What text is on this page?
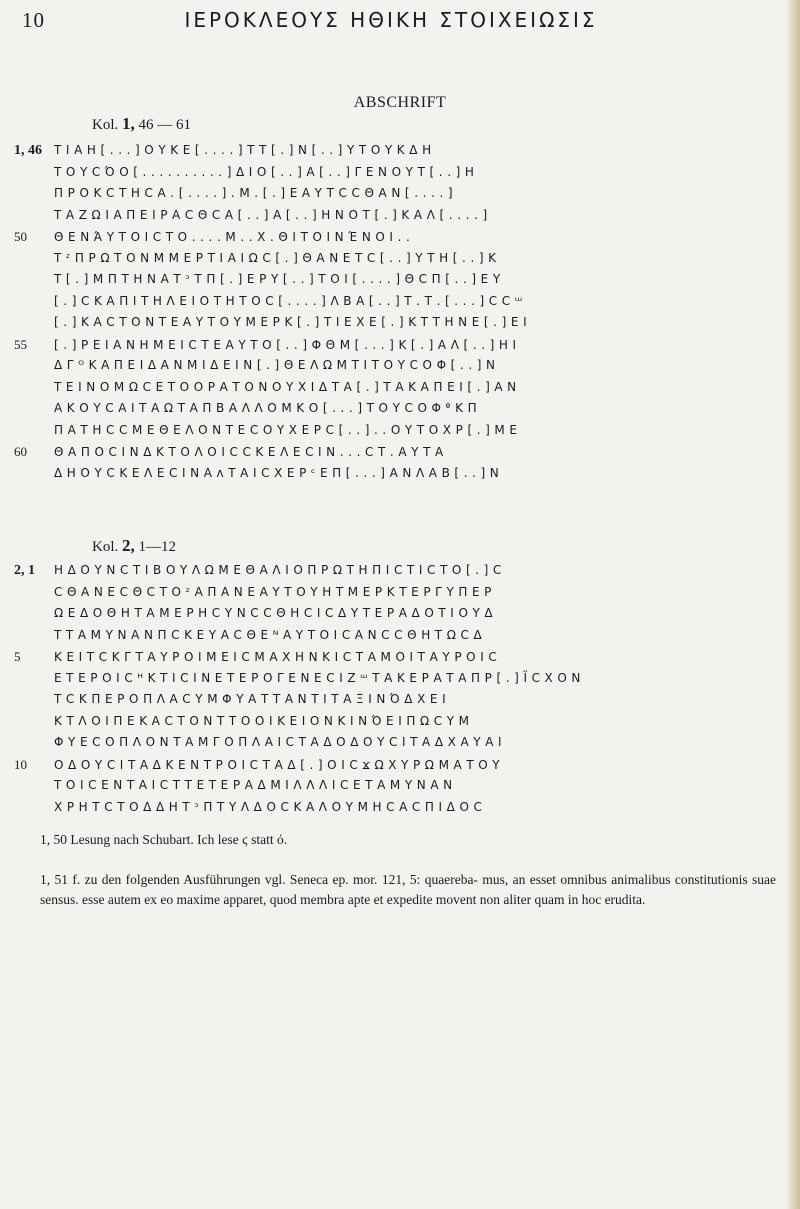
10	ΙΕΡΟΚΛΕΟΥΣ ΗΘΙΚΗ ΣΤΟΙΧΕΙΩΣΙΣ
ABSCHRIFT
Kol. 1, 46 — 61
1, 46 ΤΙΑΗ[...]ΟΥΚΕ[....]ΤΤ[.]Ν[..]ΥΤΟΥΚΔΗ
ΤΟΥCΌΟ[..........]ΔΙΟ[..]Α[..]ΓΕΝΟΥΤ[..]Η
ΠΡΟΚCΤΗCΑ.[....].Μ.[.]ΕΑΥΤϹCΘΑΝ[....]
ΤΑΖΩΙΑΠΕΙΡΑCΘϹΑ[..]Α[..]ΗΝΟΤ[.]ΚΑΛ[....]
50 ΘΕΝΆΥΤΟΙCΤΟ....Μ..Χ.ΘΙΤΟΙΝΈΝΟΙ..
ΤᶻΠΡΩΤΟΝΜΜΕΡΤΙΑΙΩϹ[.]ΘΑΝΕΤϹ[..]ΥΤΗ[..]Κ
Τ[.]ΜΠΤΗΝΑΤᵓΤΠ[.]ΕΡΥ[..]ΤΟΙ[....]ΘϹΠ[..]ΕΥ
[.]CΚΑΠΙΤΗΛΕΙΟΤΗΤΟC[....]ΛΒΑ[..]Τ.Τ.[...]CϹᵚ
[.]ΚΑCΤΟΝΤΕΑΥΤΟΥΜΕΡΚ[.]ΤΙΕΧΕ[.]ΚΤΤΗΝΕ[.]ΕΙ
55 [.]ΡΕΙΑΝΗΜΕΙCΤΕΑΥΤΟ[..]ΦΘΜ[...]Κ[.]ΑΛ[..]ΗΙ
ΔΓᴼΚΑΠΕΙΔΑΝΜΙΔΕΙΝ[.]ΘΕΛΩΜΤΙΤΟΥCΟΦ[..]Ν
ΤΕΙΝΟΜΩCΕΤΟΟΡΑΤΟΝΟΥΧΙΔΤΑ[.]ΤΑΚΑΠΕΙ[.]ΑΝ
ΑΚΟΥCΑΙΤΑΩΤΑΠΒΑΛΛΟΜΚΟ[...]ΤΟΥCΟΦᶿΚΠ
ΠΑΤΗCϹΜΕΘΕΛΟΝΤΕCΟΥΧΕΡC[..]..ΟΥΤΟΧΡ[.]ΜΕ
60 ΘΑΠΟCΙΝΔΚΤΟΛΟΙCCΚΕΛΕCΙΝ...CΤ.ΑΥΤΑ
ΔΗΟΥCΚΕΛΕCΙΝΑᴧΤΑΙCΧΕΡᶜΕΠ[...]ΑΝΛΑΒ[..]Ν
Kol. 2, 1—12
2, 1 ΗΔΟΥΝϹΤΙΒΟΥΛΩΜΕΘΑΛΙΟΠΡΩΤΗΠΙCΤΙCΤΟ[.]Ϲ
CΘΑΝΕCΘϹΤΟᶻΑΠΑΝΕΑΥΤΟΥΗΤΜΕΡΚΤΕΡΓΥΠΕΡ
ΩΕΔΟΘΗΤΑΜΕΡΗCΥΝϹCΘΗCΙCΔΥΤΕΡΑΔΟΤΙΟΥΔ
ΤΤΑΜΥΝΑΝΠCΚΕΥΑCΘΕᴺΑΥΤΟΙCΑΝϹCΘΗΤΩCΔ
5	ΚΕΙΤϹΚΓΤΑΥΡΟΙΜΕΙCΜΑΧΗΝΚΙCΤΑΜΟΙΤΑΥΡΟΙC
ΕΤΕΡΟΙCᴴΚΤΙCΙΝΕΤΕΡΟΓΕΝΕCΙΖᵚΤΑΚΕΡΑΤΑΠΡ[.]ΪCΧΟΝ
ΤϹΚΠΕΡΟΠΛΑCΥΜΦΥΑΤΤΑΝΤΙΤΑΞΙΝΌΔΧΕΙ
ΚΤΛΟΙΠΕΚΑCΤΟΝΤΤΟΟΙΚΕΙΟΝΚΙΝΌΕΙΠΩCΥΜ
ΦΥΕCΟΠΛΟΝΤΑΜΓΟΠΛΑΙCΤΑΔΟΔΟΥCΙΤΑΔΧΑΥΑΙ
10 ΟΔΟΥCΙΤΑΔΚΕΝΤΡΟΙCΤΑΔ[.]ΟΙCϫΩΧΥΡΩΜΑΤΟΥ
ΤΟΙCΕΝΤΑΙCΤΤΕΤΕΡΑΔΜΙΛΛΛΙCΕΤΑΜΥΝΑΝ
ΧΡΗΤϹΤΟΔΔΗΤᵓΠΤΥΛΔΟCΚΑΛΟΥΜΗCΑCΠΙΔΟC
1, 50 Lesung nach Schubart. Ich lese ϛ statt ό.
1, 51 f. zu den folgenden Ausführungen vgl. Seneca ep. mor. 121, 5: quaereba- mus, an esset omnibus animalibus constitutionis suae sensus. esse autem ex eo maxime apparet, quod membra apte et expedite movent non aliter quam in hoc erudita.
